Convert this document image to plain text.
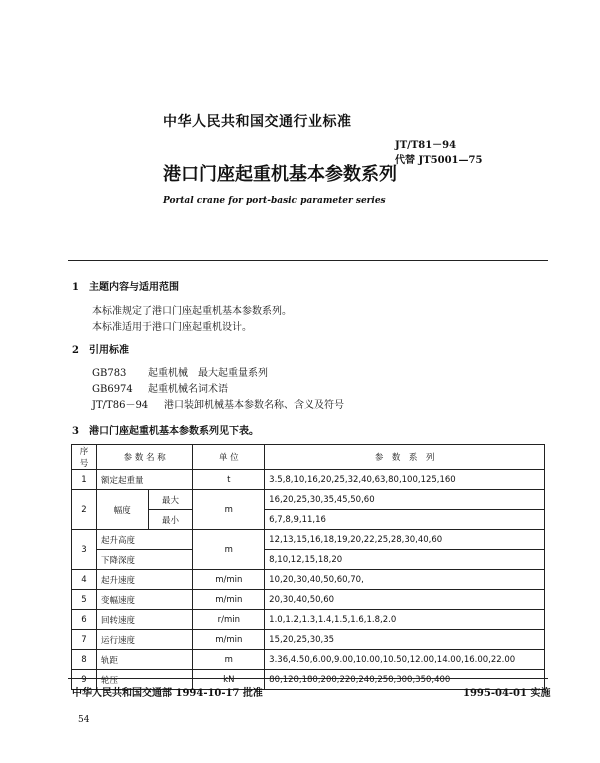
中华人民共和国交通行业标准
JT/T81－94
代替 JT5001—75
港口门座起重机基本参数系列
Portal crane for port-basic parameter series
1　 主题内容与适用范围
本标准规定了港口门座起重机基本参数系列。
本标准适用于港口门座起重机设计。
2　 引用标准
GB783 起重机械　最大起重量系列
GB6974 起重机械名词术语
JT/T86－94 港口装卸机械基本参数名称、含义及符号
3　 港口门座起重机基本参数系列见下表。
序号	参 数 名 称		单 位	参　数　系　列
1	额定起重量		t	3.5,8,10,16,20,25,32,40,63,80,100,125,160
2	幅度	最大	m	16,20,25,30,35,45,50,60
		最小		6,7,8,9,11,16
3	起升高度		m	12,13,15,16,18,19,20,22,25,28,30,40,60
	下降深度			8,10,12,15,18,20
4	起升速度		m/min	10,20,30,40,50,60,70,
5	变幅速度		m/min	20,30,40,50,60
6	回转速度		r/min	1.0,1.2,1.3,1.4,1.5,1.6,1.8,2.0
7	运行速度		m/min	15,20,25,30,35
8	轨距		m	3.36,4.50,6.00,9.00,10.00,10.50,12.00,14.00,16.00,22.00
9	轮压		kN	80,120,180,200,220,240,250,300,350,400
中华人民共和国交通部 1994-10-17 批准	1995-04-01 实施
54
